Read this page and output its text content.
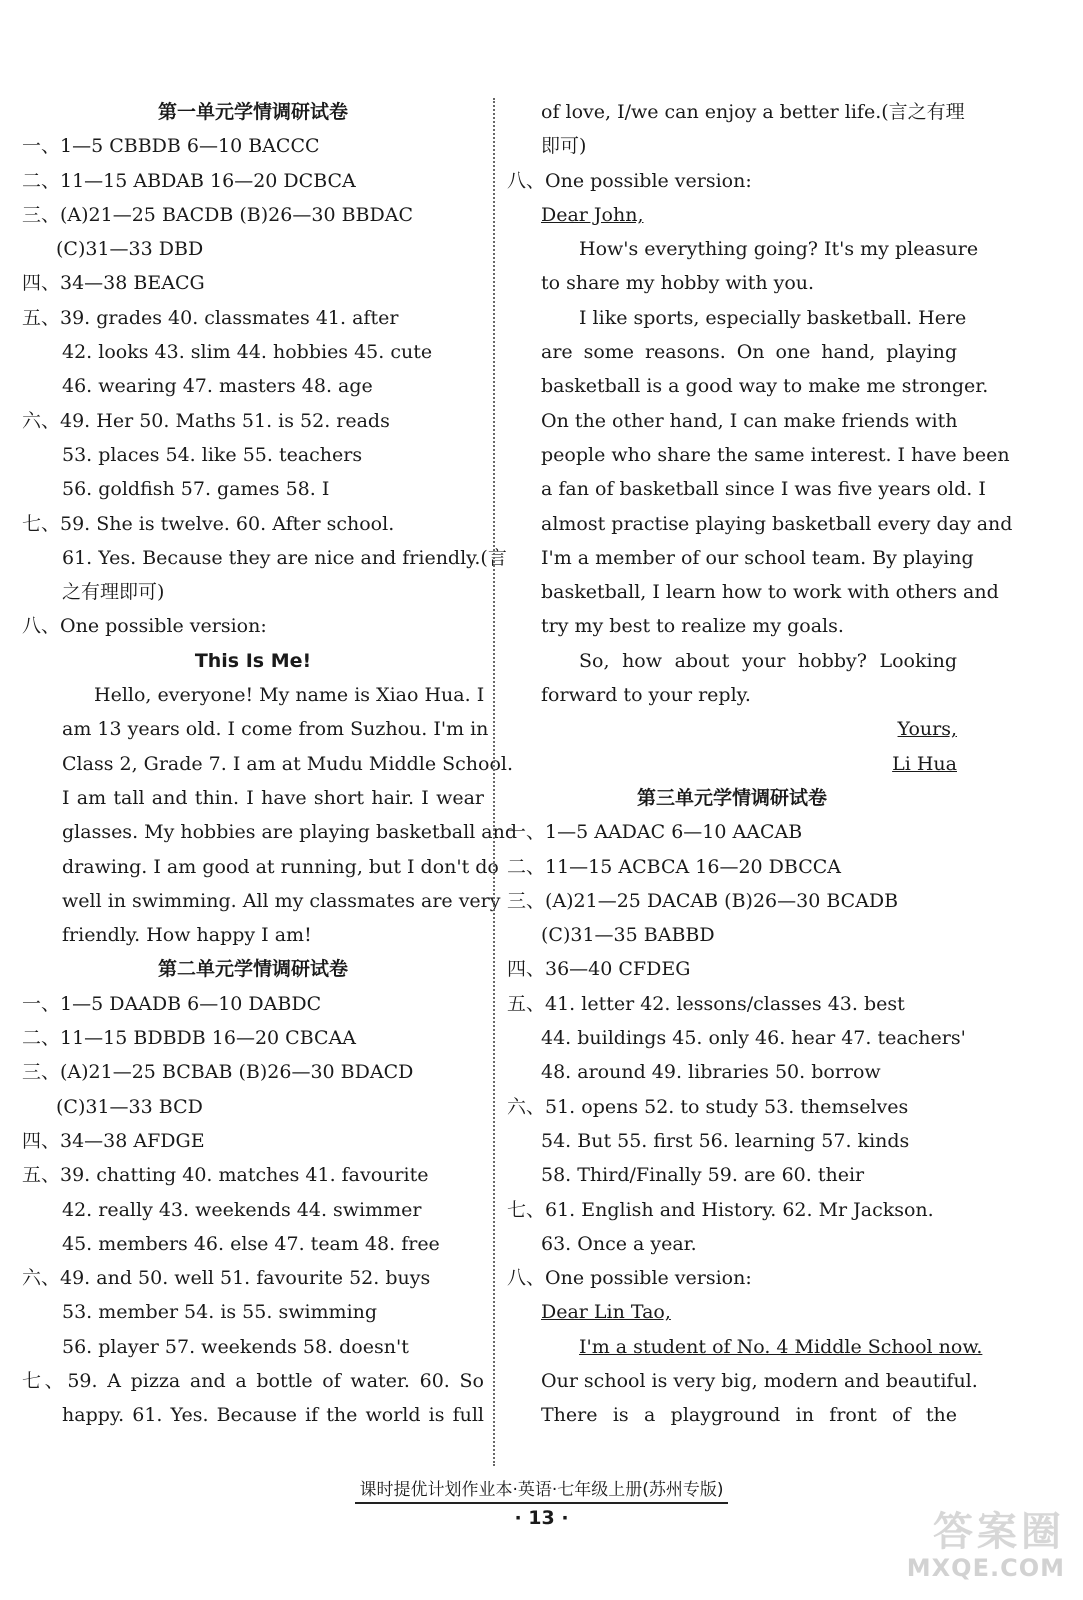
第一单元学情调研试卷
一、1—5 CBBDB 6—10 BACCC
二、11—15 ABDAB 16—20 DCBCA
三、(A)21—25 BACDB (B)26—30 BBDAC
(C)31—33 DBD
四、34—38 BEACG
五、39. grades 40. classmates 41. after
42. looks 43. slim 44. hobbies 45. cute
46. wearing 47. masters 48. age
六、49. Her 50. Maths 51. is 52. reads
53. places 54. like 55. teachers
56. goldfish 57. games 58. I
七、59. She is twelve. 60. After school.
61. Yes. Because they are nice and friendly.(言
之有理即可)
八、One possible version:
This Is Me!
Hello, everyone! My name is Xiao Hua. I
am 13 years old. I come from Suzhou. I'm in
Class 2, Grade 7. I am at Mudu Middle School.
I am tall and thin. I have short hair. I wear
glasses. My hobbies are playing basketball and
drawing. I am good at running, but I don't do
well in swimming. All my classmates are very
friendly. How happy I am!
第二单元学情调研试卷
一、1—5 DAADB 6—10 DABDC
二、11—15 BDBDB 16—20 CBCAA
三、(A)21—25 BCBAB (B)26—30 BDACD
(C)31—33 BCD
四、34—38 AFDGE
五、39. chatting 40. matches 41. favourite
42. really 43. weekends 44. swimmer
45. members 46. else 47. team 48. free
六、49. and 50. well 51. favourite 52. buys
53. member 54. is 55. swimming
56. player 57. weekends 58. doesn't
七、59. A pizza and a bottle of water. 60. So
happy. 61. Yes. Because if the world is full
of love, I/we can enjoy a better life.(言之有理
即可)
八、One possible version:
Dear John,
How's everything going? It's my pleasure
to share my hobby with you.
I like sports, especially basketball. Here
are some reasons. On one hand, playing
basketball is a good way to make me stronger.
On the other hand, I can make friends with
people who share the same interest. I have been
a fan of basketball since I was five years old. I
almost practise playing basketball every day and
I'm a member of our school team. By playing
basketball, I learn how to work with others and
try my best to realize my goals.
So, how about your hobby? Looking
forward to your reply.
Yours,
Li Hua
第三单元学情调研试卷
一、1—5 AADAC 6—10 AACAB
二、11—15 ACBCA 16—20 DBCCA
三、(A)21—25 DACAB (B)26—30 BCADB
(C)31—35 BABBD
四、36—40 CFDEG
五、41. letter 42. lessons/classes 43. best
44. buildings 45. only 46. hear 47. teachers'
48. around 49. libraries 50. borrow
六、51. opens 52. to study 53. themselves
54. But 55. first 56. learning 57. kinds
58. Third/Finally 59. are 60. their
七、61. English and History. 62. Mr Jackson.
63. Once a year.
八、One possible version:
Dear Lin Tao,
I'm a student of No. 4 Middle School now.
Our school is very big, modern and beautiful.
There is a playground in front of the
课时提优计划作业本·英语·七年级上册(苏州专版)
· 13 ·	答案圈
MXQE.COM
